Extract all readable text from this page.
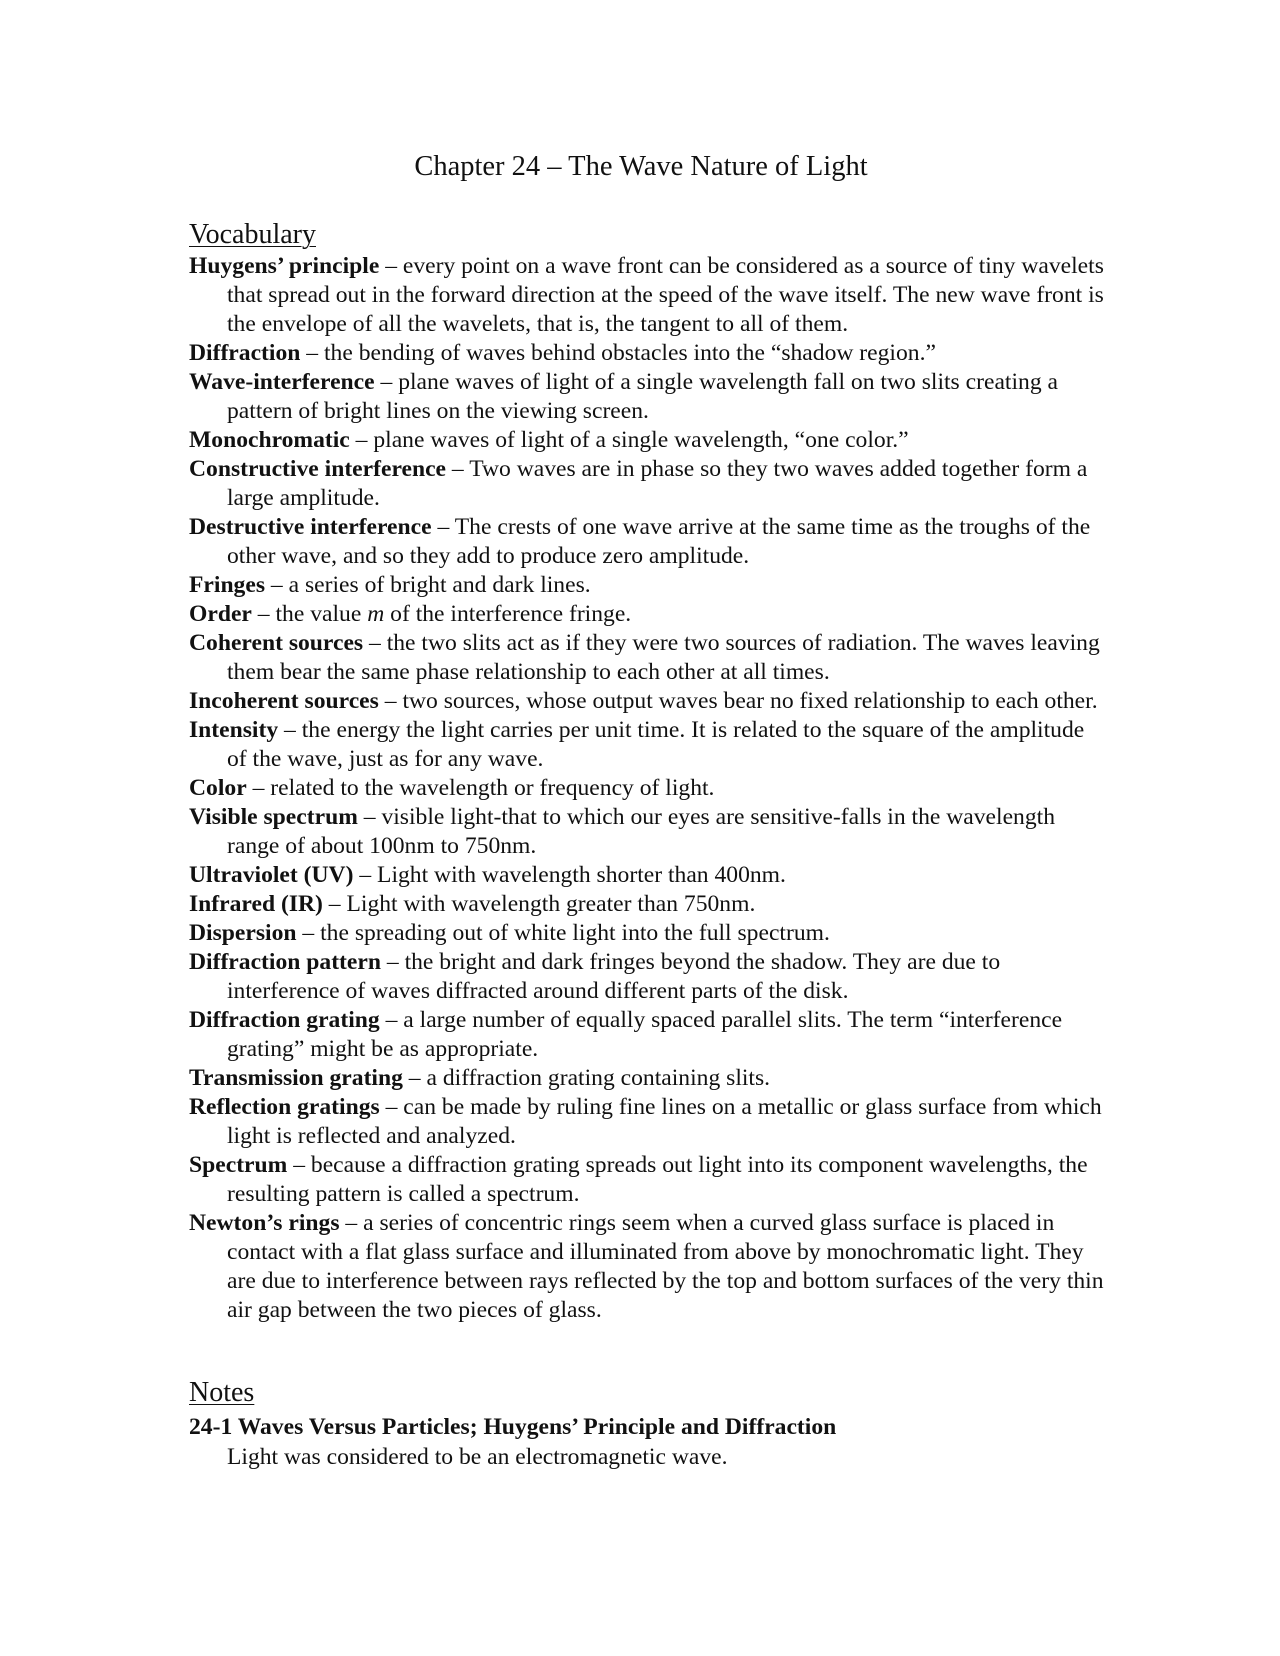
Chapter 24 – The Wave Nature of Light
Vocabulary
Huygens’ principle – every point on a wave front can be considered as a source of tiny wavelets that spread out in the forward direction at the speed of the wave itself. The new wave front is the envelope of all the wavelets, that is, the tangent to all of them.
Diffraction – the bending of waves behind obstacles into the “shadow region.”
Wave-interference – plane waves of light of a single wavelength fall on two slits creating a pattern of bright lines on the viewing screen.
Monochromatic – plane waves of light of a single wavelength, “one color.”
Constructive interference – Two waves are in phase so they two waves added together form a large amplitude.
Destructive interference – The crests of one wave arrive at the same time as the troughs of the other wave, and so they add to produce zero amplitude.
Fringes – a series of bright and dark lines.
Order – the value m of the interference fringe.
Coherent sources – the two slits act as if they were two sources of radiation. The waves leaving them bear the same phase relationship to each other at all times.
Incoherent sources – two sources, whose output waves bear no fixed relationship to each other.
Intensity – the energy the light carries per unit time. It is related to the square of the amplitude of the wave, just as for any wave.
Color – related to the wavelength or frequency of light.
Visible spectrum – visible light-that to which our eyes are sensitive-falls in the wavelength range of about 100nm to 750nm.
Ultraviolet (UV) – Light with wavelength shorter than 400nm.
Infrared (IR) – Light with wavelength greater than 750nm.
Dispersion – the spreading out of white light into the full spectrum.
Diffraction pattern – the bright and dark fringes beyond the shadow. They are due to interference of waves diffracted around different parts of the disk.
Diffraction grating – a large number of equally spaced parallel slits. The term “interference grating” might be as appropriate.
Transmission grating – a diffraction grating containing slits.
Reflection gratings – can be made by ruling fine lines on a metallic or glass surface from which light is reflected and analyzed.
Spectrum – because a diffraction grating spreads out light into its component wavelengths, the resulting pattern is called a spectrum.
Newton’s rings – a series of concentric rings seem when a curved glass surface is placed in contact with a flat glass surface and illuminated from above by monochromatic light. They are due to interference between rays reflected by the top and bottom surfaces of the very thin air gap between the two pieces of glass.
Notes
24-1 Waves Versus Particles; Huygens’ Principle and Diffraction
Light was considered to be an electromagnetic wave.
